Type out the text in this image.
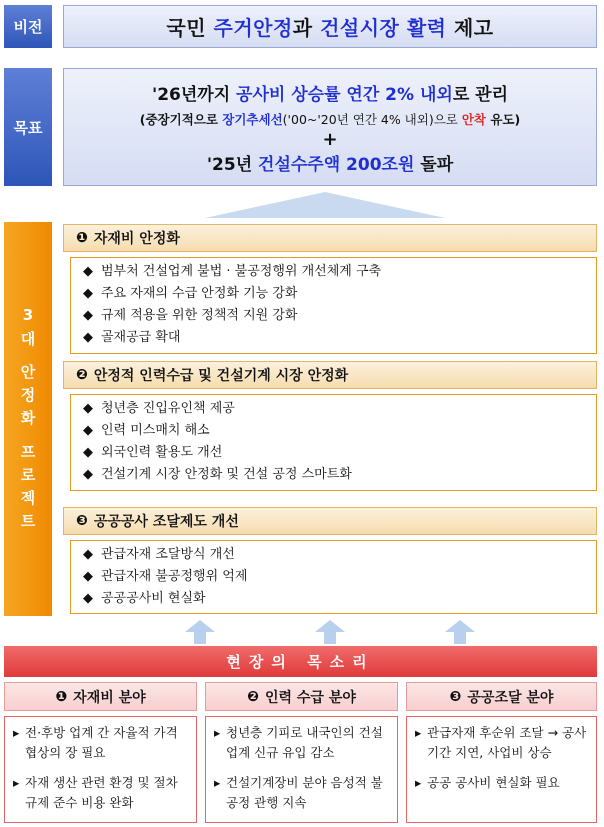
비전	국민 주거안정과 건설시장 활력 제고
목표
'26년까지 공사비 상승률 연간 2% 내외로 관리
(중장기적으로 장기추세선('00~'20년 연간 4% 내외)으로 안착 유도)
+
'25년 건설수주액 200조원 돌파
3
대
안
정
화
프
로
젝
트
❶ 자재비 안정화
◆ 범부처 건설업계 불법 · 불공정행위 개선체계 구축
◆ 주요 자재의 수급 안정화 기능 강화
◆ 규제 적용을 위한 정책적 지원 강화
◆ 골재공급 확대
❷ 안정적 인력수급 및 건설기계 시장 안정화
◆ 청년층 진입유인책 제공
◆ 인력 미스매치 해소
◆ 외국인력 활용도 개선
◆ 건설기계 시장 안정화 및 건설 공정 스마트화
❸ 공공공사 조달제도 개선
◆ 관급자재 조달방식 개선
◆ 관급자재 불공정행위 억제
◆ 공공공사비 현실화
현장의 목소리
❶ 자재비 분야
▸ 전·후방 업계 간 자율적 가격협상의 장 필요
▸ 자재 생산 관련 환경 및 절차규제 준수 비용 완화
❷ 인력 수급 분야
▸ 청년층 기피로 내국인의 건설업계 신규 유입 감소
▸ 건설기계장비 분야 음성적 불공정 관행 지속
❸ 공공조달 분야
▸ 관급자재 후순위 조달 → 공사기간 지연, 사업비 상승
▸ 공공 공사비 현실화 필요
